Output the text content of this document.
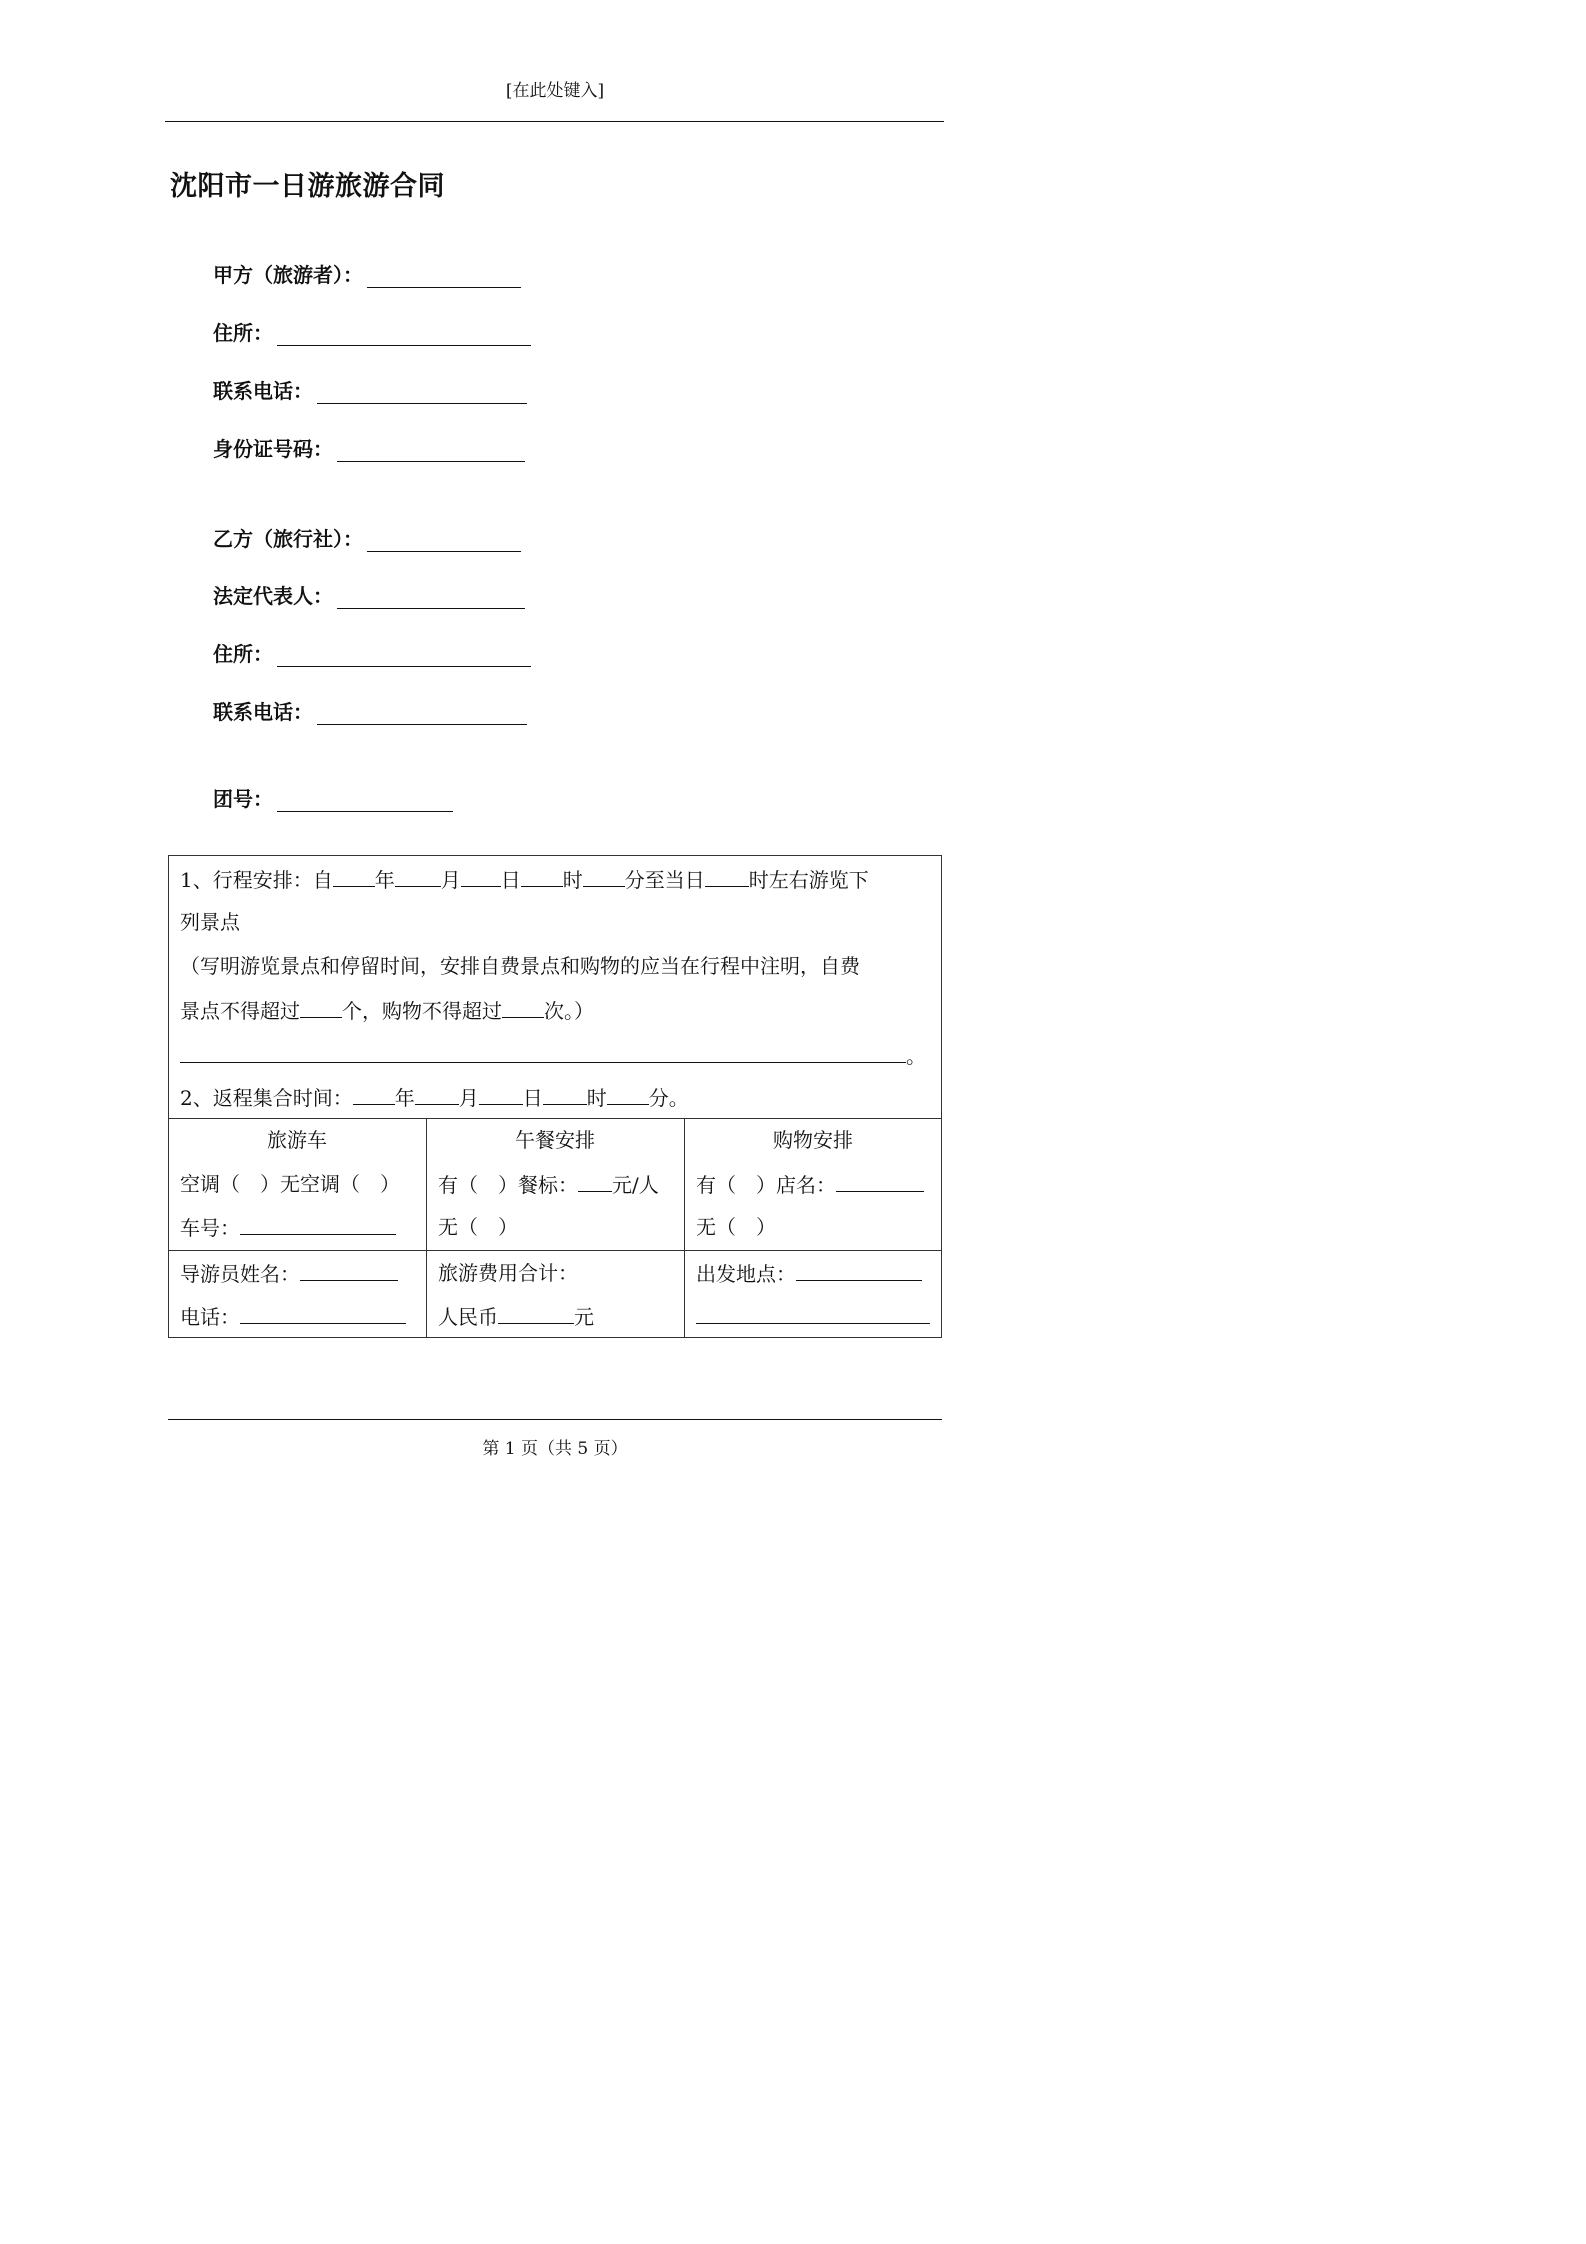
[在此处键入]
沈阳市一日游旅游合同
甲方（旅游者）：
住所：
联系电话：
身份证号码：
乙方（旅行社）：
法定代表人：
住所：
联系电话：
团号：
1、行程安排：自 年 月 日 时 分至当日 时左右游览下
列景点
（写明游览景点和停留时间，安排自费景点和购物的应当在行程中注明，自费
景点不得超过 个，购物不得超过 次。）
。
2、返程集合时间： 年 月 日 时 分。
旅游车
空调（　）无空调（　）
车号：
午餐安排
有（　）餐标： 元/人
无（　）
购物安排
有（　）店名：
无（　）
导游员姓名：
电话：
旅游费用合计：
人民币	元
出发地点：
第 1 页（共 5 页）
